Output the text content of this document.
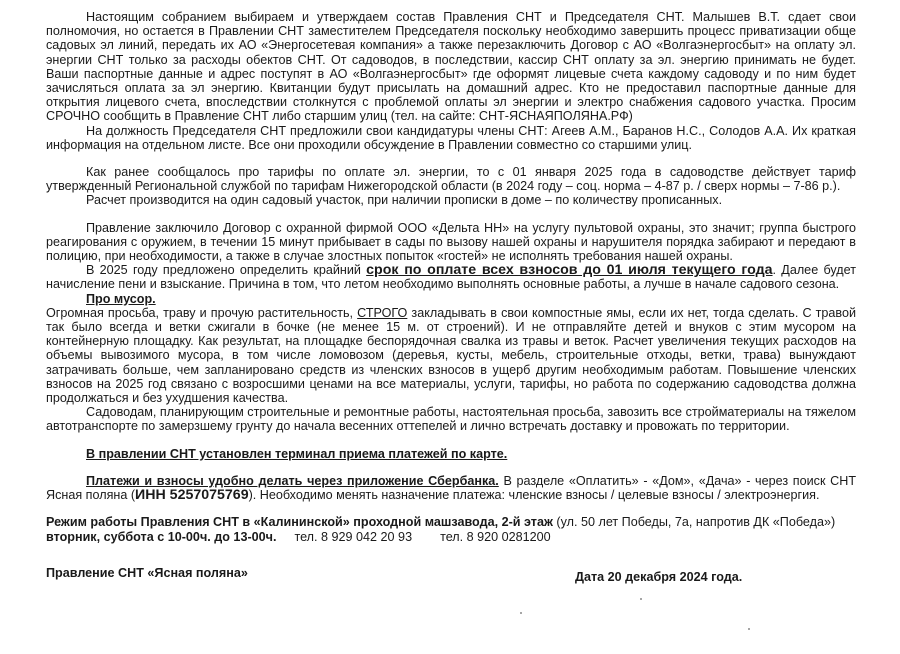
Настоящим собранием выбираем и утверждаем состав Правления СНТ и Председателя СНТ. Малышев В.Т. сдает свои полномочия, но остается в Правлении СНТ заместителем Председателя поскольку необходимо завершить процесс приватизации обще садовых эл линий, передать их АО «Энергосетевая компания» а также перезаключить Договор с АО «Волгаэнергосбыт» на оплату эл. энергии СНТ только за расходы обектов СНТ. От садоводов, в последствии, кассир СНТ оплату за эл. энергию принимать не будет. Ваши паспортные данные и адрес поступят в АО «Волгаэнергосбыт» где оформят лицевые счета каждому садоводу и по ним будет зачисляться оплата за эл энергию. Квитанции будут присылать на домашний адрес. Кто не предоставил паспортные данные для открытия лицевого счета, впоследствии столкнутся с проблемой оплаты эл энергии и электро снабжения садового участка. Просим СРОЧНО сообщить в Правление СНТ либо старшим улиц (тел. на сайте: СНТ-ЯСНАЯПОЛЯНА.РФ)

На должность Председателя СНТ предложили свои кандидатуры члены СНТ: Агеев А.М., Баранов Н.С., Солодов А.А. Их краткая информация на отдельном листе. Все они проходили обсуждение в Правлении совместно со старшими улиц.

Как ранее сообщалось про тарифы по оплате эл. энергии, то с 01 января 2025 года в садоводстве действует тариф утвержденный Региональной службой по тарифам Нижегородской области (в 2024 году – соц. норма – 4-87 р. / сверх нормы – 7-86 р.).

Расчет производится на один садовый участок, при наличии прописки в доме – по количеству прописанных.

Правление заключило Договор с охранной фирмой ООО «Дельта НН» на услугу пультовой охраны, это значит; группа быстрого реагирования с оружием, в течении 15 минут прибывает в сады по вызову нашей охраны и нарушителя порядка забирают и передают в полицию, при необходимости, а также в случае злостных попыток «гостей» не исполнять требования нашей охраны.

В 2025 году предложено определить крайний срок по оплате всех взносов до 01 июля текущего года. Далее будет начисление пени и взыскание. Причина в том, что летом необходимо выполнять основные работы, а лучше в начале садового сезона.

Про мусор.

Огромная просьба, траву и прочую растительность, СТРОГО закладывать в свои компостные ямы, если их нет, тогда сделать. С травой так было всегда и ветки сжигали в бочке (не менее 15 м. от строений). И не отправляйте детей и внуков с этим мусором на контейнерную площадку. Как результат, на площадке беспорядочная свалка из травы и веток. Расчет увеличения текущих расходов на объемы вывозимого мусора, в том числе ломовозом (деревья, кусты, мебель, строительные отходы, ветки, трава) вынуждают затрачивать больше, чем запланировано средств из членских взносов в ущерб другим необходимым работам. Повышение членских взносов на 2025 год связано с возросшими ценами на все материалы, услуги, тарифы, но работа по содержанию садоводства должна продолжаться и без ухудшения качества.

Садоводам, планирующим строительные и ремонтные работы, настоятельная просьба, завозить все стройматериалы на тяжелом автотранспорте по замерзшему грунту до начала весенних оттепелей и лично встречать доставку и провожать по территории.

В правлении СНТ установлен терминал приема платежей по карте.

Платежи и взносы удобно делать через приложение Сбербанка. В разделе «Оплатить» - «Дом», «Дача» - через поиск СНТ Ясная поляна (ИНН 5257075769). Необходимо менять назначение платежа: членские взносы / целевые взносы / электроэнергия.

Режим работы Правления СНТ в «Калининской» проходной машзавода, 2-й этаж (ул. 50 лет Победы, 7а, напротив ДК «Победа»)

вторник, суббота с 10-00ч. до 13-00ч. тел. 8 929 042 20 93 тел. 8 920 0281200

Правление СНТ «Ясная поляна»	Дата 20 декабря 2024 года.
